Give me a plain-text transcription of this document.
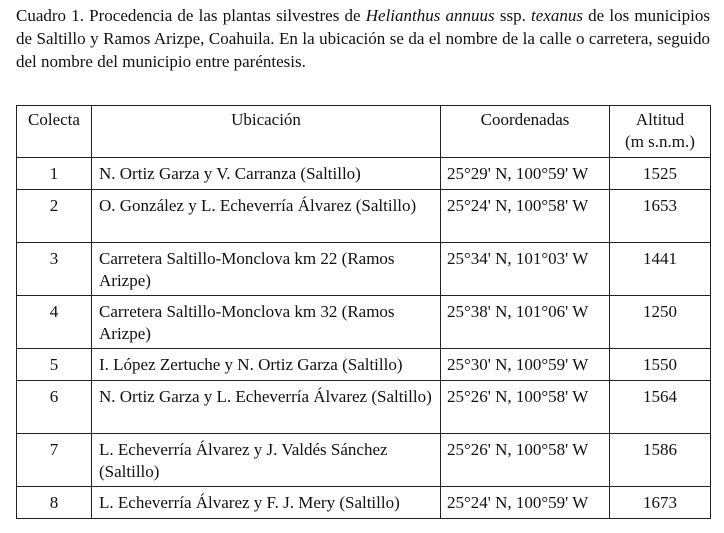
Cuadro 1. Procedencia de las plantas silvestres de Helianthus annuus ssp. texanus de los municipios de Saltillo y Ramos Arizpe, Coahuila. En la ubicación se da el nombre de la calle o carretera, seguido del nombre del municipio entre paréntesis.
Colecta	Ubicación	Coordenadas	Altitud
(m s.n.m.)
1	N. Ortiz Garza y V. Carranza (Saltillo)	25°29' N, 100°59' W	1525
2	O. González y L. Echeverría Álvarez (Saltillo)	25°24' N, 100°58' W	1653
3	Carretera Saltillo-Monclova km 22 (Ramos Arizpe)	25°34' N, 101°03' W	1441
4	Carretera Saltillo-Monclova km 32 (Ramos Arizpe)	25°38' N, 101°06' W	1250
5	I. López Zertuche y N. Ortiz Garza (Saltillo)	25°30' N, 100°59' W	1550
6	N. Ortiz Garza y L. Echeverría Álvarez (Saltillo)	25°26' N, 100°58' W	1564
7	L. Echeverría Álvarez y J. Valdés Sánchez (Saltillo)	25°26' N, 100°58' W	1586
8	L. Echeverría Álvarez y F. J. Mery (Saltillo)	25°24' N, 100°59' W	1673
